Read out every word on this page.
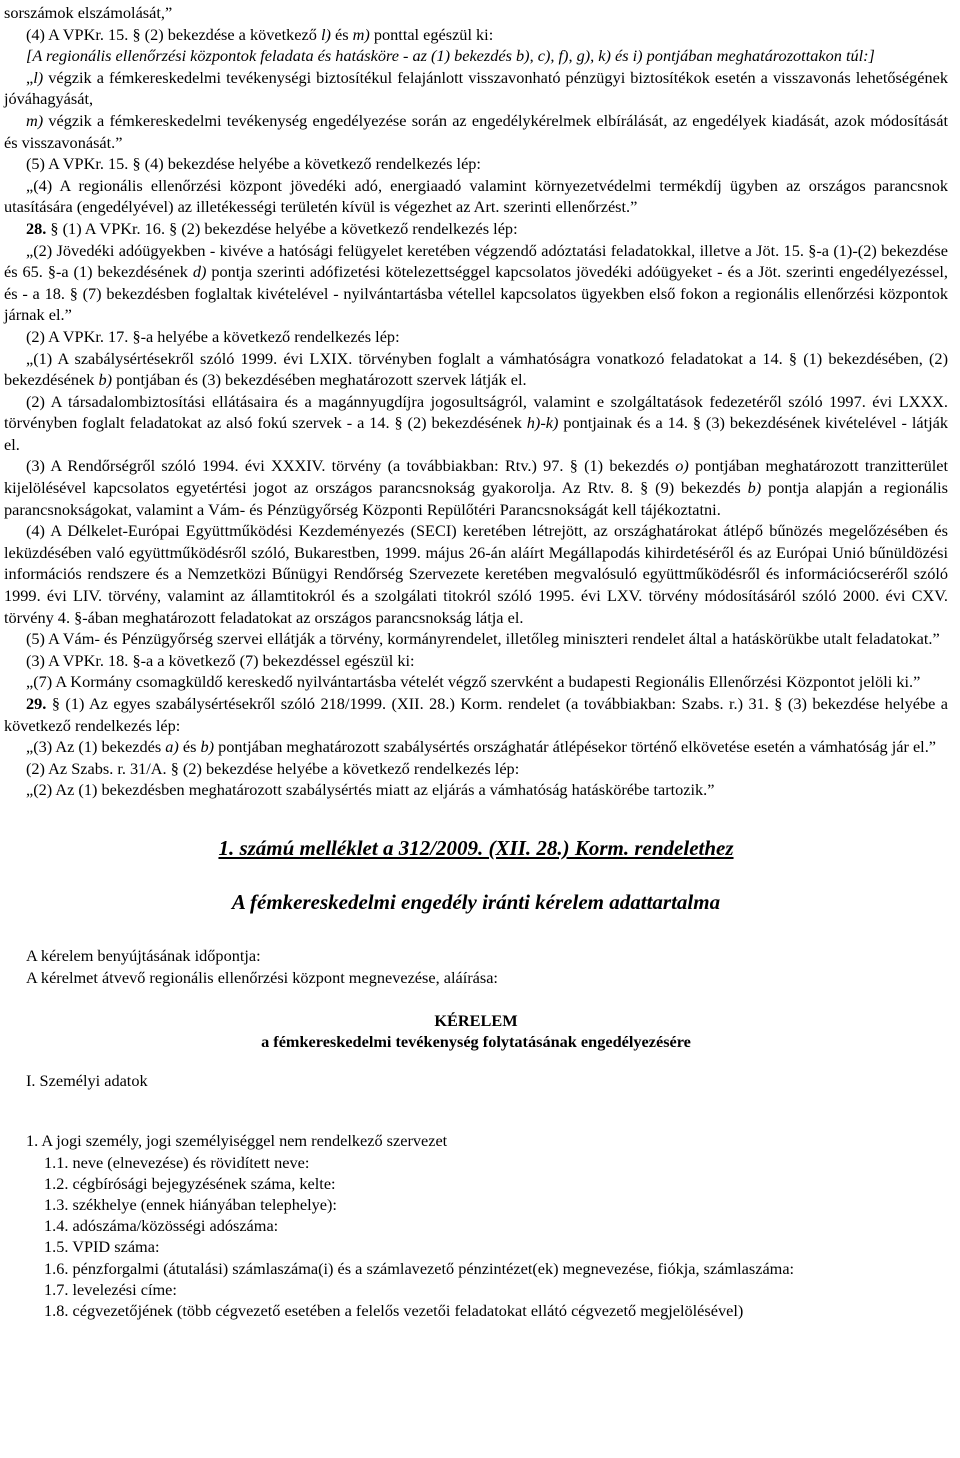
sorszámok elszámolását,”

(4) A VPKr. 15. § (2) bekezdése a következő l) és m) ponttal egészül ki:

[A regionális ellenőrzési központok feladata és hatásköre - az (1) bekezdés b), c), f), g), k) és i) pontjában meghatározottakon túl:]

„l) végzik a fémkereskedelmi tevékenységi biztosítékul felajánlott visszavonható pénzügyi biztosítékok esetén a visszavonás lehetőségének jóváhagyását,

m) végzik a fémkereskedelmi tevékenység engedélyezése során az engedélykérelmek elbírálását, az engedélyek kiadását, azok módosítását és visszavonását.”

(5) A VPKr. 15. § (4) bekezdése helyébe a következő rendelkezés lép:

„(4) A regionális ellenőrzési központ jövedéki adó, energiaadó valamint környezetvédelmi termékdíj ügyben az országos parancsnok utasítására (engedélyével) az illetékességi területén kívül is végezhet az Art. szerinti ellenőrzést.”

28. § (1) A VPKr. 16. § (2) bekezdése helyébe a következő rendelkezés lép:

„(2) Jövedéki adóügyekben - kivéve a hatósági felügyelet keretében végzendő adóztatási feladatokkal, illetve a Jöt. 15. §-a (1)-(2) bekezdése és 65. §-a (1) bekezdésének d) pontja szerinti adófizetési kötelezettséggel kapcsolatos jövedéki adóügyeket - és a Jöt. szerinti engedélyezéssel, és - a 18. § (7) bekezdésben foglaltak kivételével - nyilvántartásba vétellel kapcsolatos ügyekben első fokon a regionális ellenőrzési központok járnak el.”

(2) A VPKr. 17. §-a helyébe a következő rendelkezés lép:

„(1) A szabálysértésekről szóló 1999. évi LXIX. törvényben foglalt a vámhatóságra vonatkozó feladatokat a 14. § (1) bekezdésében, (2) bekezdésének b) pontjában és (3) bekezdésében meghatározott szervek látják el.

(2) A társadalombiztosítási ellátásaira és a magánnyugdíjra jogosultságról, valamint e szolgáltatások fedezetéről szóló 1997. évi LXXX. törvényben foglalt feladatokat az alsó fokú szervek - a 14. § (2) bekezdésének h)-k) pontjainak és a 14. § (3) bekezdésének kivételével - látják el.

(3) A Rendőrségről szóló 1994. évi XXXIV. törvény (a továbbiakban: Rtv.) 97. § (1) bekezdés o) pontjában meghatározott tranzitterület kijelölésével kapcsolatos egyetértési jogot az országos parancsnokság gyakorolja. Az Rtv. 8. § (9) bekezdés b) pontja alapján a regionális parancsnokságokat, valamint a Vám- és Pénzügyőrség Központi Repülőtéri Parancsnokságát kell tájékoztatni.

(4) A Délkelet-Európai Együttműködési Kezdeményezés (SECI) keretében létrejött, az országhatárokat átlépő bűnözés megelőzésében és leküzdésében való együttműködésről szóló, Bukarestben, 1999. május 26-án aláírt Megállapodás kihirdetéséről és az Európai Unió bűnüldözési információs rendszere és a Nemzetközi Bűnügyi Rendőrség Szervezete keretében megvalósuló együttműködésről és információcseréről szóló 1999. évi LIV. törvény, valamint az államtitokról és a szolgálati titokról szóló 1995. évi LXV. törvény módosításáról szóló 2000. évi CXV. törvény 4. §-ában meghatározott feladatokat az országos parancsnokság látja el.

(5) A Vám- és Pénzügyőrség szervei ellátják a törvény, kormányrendelet, illetőleg miniszteri rendelet által a hatáskörükbe utalt feladatokat.”

(3) A VPKr. 18. §-a a következő (7) bekezdéssel egészül ki:

„(7) A Kormány csomagküldő kereskedő nyilvántartásba vételét végző szervként a budapesti Regionális Ellenőrzési Központot jelöli ki.”

29. § (1) Az egyes szabálysértésekről szóló 218/1999. (XII. 28.) Korm. rendelet (a továbbiakban: Szabs. r.) 31. § (3) bekezdése helyébe a következő rendelkezés lép:

„(3) Az (1) bekezdés a) és b) pontjában meghatározott szabálysértés országhatár átlépésekor történő elkövetése esetén a vámhatóság jár el.”

(2) Az Szabs. r. 31/A. § (2) bekezdése helyébe a következő rendelkezés lép:

„(2) Az (1) bekezdésben meghatározott szabálysértés miatt az eljárás a vámhatóság hatáskörébe tartozik.”

1. számú melléklet a 312/2009. (XII. 28.) Korm. rendelethez
A fémkereskedelmi engedély iránti kérelem adattartalma

A kérelem benyújtásának időpontja:

A kérelmet átvevő regionális ellenőrzési központ megnevezése, aláírása:

KÉRELEM
a fémkereskedelmi tevékenység folytatásának engedélyezésére

I. Személyi adatok

1. A jogi személy, jogi személyiséggel nem rendelkező szervezet

1.1. neve (elnevezése) és rövidített neve:

1.2. cégbírósági bejegyzésének száma, kelte:

1.3. székhelye (ennek hiányában telephelye):

1.4. adószáma/közösségi adószáma:

1.5. VPID száma:

1.6. pénzforgalmi (átutalási) számlaszáma(i) és a számlavezető pénzintézet(ek) megnevezése, fiókja, számlaszáma:

1.7. levelezési címe:

1.8. cégvezetőjének (több cégvezető esetében a felelős vezetői feladatokat ellátó cégvezető megjelölésével)
